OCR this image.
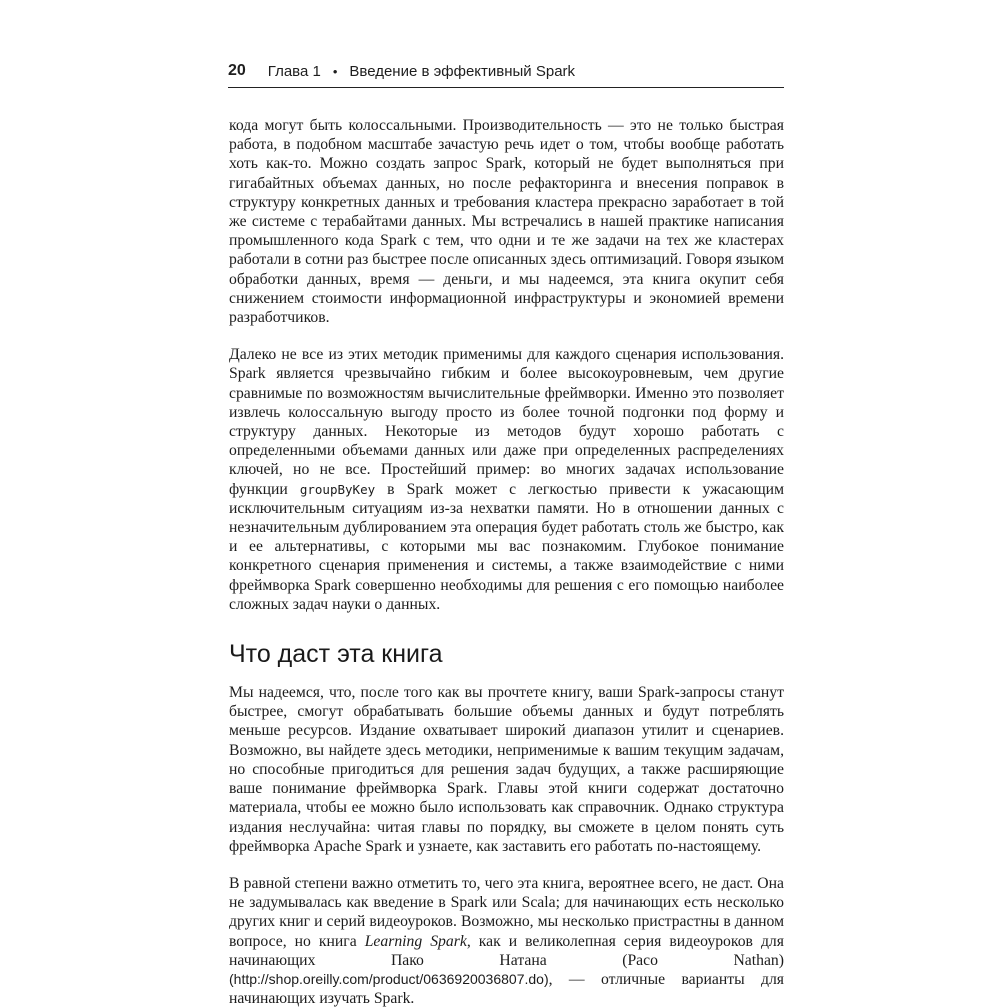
20 Глава 1 • Введение в эффективный Spark

кода могут быть колоссальными. Производительность — это не только быстрая работа, в подобном масштабе зачастую речь идет о том, чтобы вообще работать хоть как-то. Можно создать запрос Spark, который не будет выполняться при гигабайтных объемах данных, но после рефакторинга и внесения поправок в структуру конкретных данных и требования кластера прекрасно заработает в той же системе с терабайтами данных. Мы встречались в нашей практике написания промышленного кода Spark с тем, что одни и те же задачи на тех же кластерах работали в сотни раз быстрее после описанных здесь оптимизаций. Говоря языком обработки данных, время — деньги, и мы надеемся, эта книга окупит себя снижением стоимости информационной инфраструктуры и экономией времени разработчиков.

Далеко не все из этих методик применимы для каждого сценария использования. Spark является чрезвычайно гибким и более высокоуровневым, чем другие сравнимые по возможностям вычислительные фреймворки. Именно это позволяет извлечь колоссальную выгоду просто из более точной подгонки под форму и структуру данных. Некоторые из методов будут хорошо работать с определенными объемами данных или даже при определенных распределениях ключей, но не все. Простейший пример: во многих задачах использование функции groupByKey в Spark может с легкостью привести к ужасающим исключительным ситуациям из-за нехватки памяти. Но в отношении данных с незначительным дублированием эта операция будет работать столь же быстро, как и ее альтернативы, с которыми мы вас познакомим. Глубокое понимание конкретного сценария применения и системы, а также взаимодействие с ними фреймворка Spark совершенно необходимы для решения с его помощью наиболее сложных задач науки о данных.

Что даст эта книга

Мы надеемся, что, после того как вы прочтете книгу, ваши Spark-запросы станут быстрее, смогут обрабатывать большие объемы данных и будут потреблять меньше ресурсов. Издание охватывает широкий диапазон утилит и сценариев. Возможно, вы найдете здесь методики, неприменимые к вашим текущим задачам, но способные пригодиться для решения задач будущих, а также расширяющие ваше понимание фреймворка Spark. Главы этой книги содержат достаточно материала, чтобы ее можно было использовать как справочник. Однако структура издания неслучайна: читая главы по порядку, вы сможете в целом понять суть фреймворка Apache Spark и узнаете, как заставить его работать по-настоящему.

В равной степени важно отметить то, чего эта книга, вероятнее всего, не даст. Она не задумывалась как введение в Spark или Scala; для начинающих есть несколько других книг и серий видеоуроков. Возможно, мы несколько пристрастны в данном вопросе, но книга Learning Spark, как и великолепная серия видеоуроков для начинающих Пако Натана (Paco Nathan) (http://shop.oreilly.com/product/0636920036807.do), — отличные варианты для начинающих изучать Spark.
